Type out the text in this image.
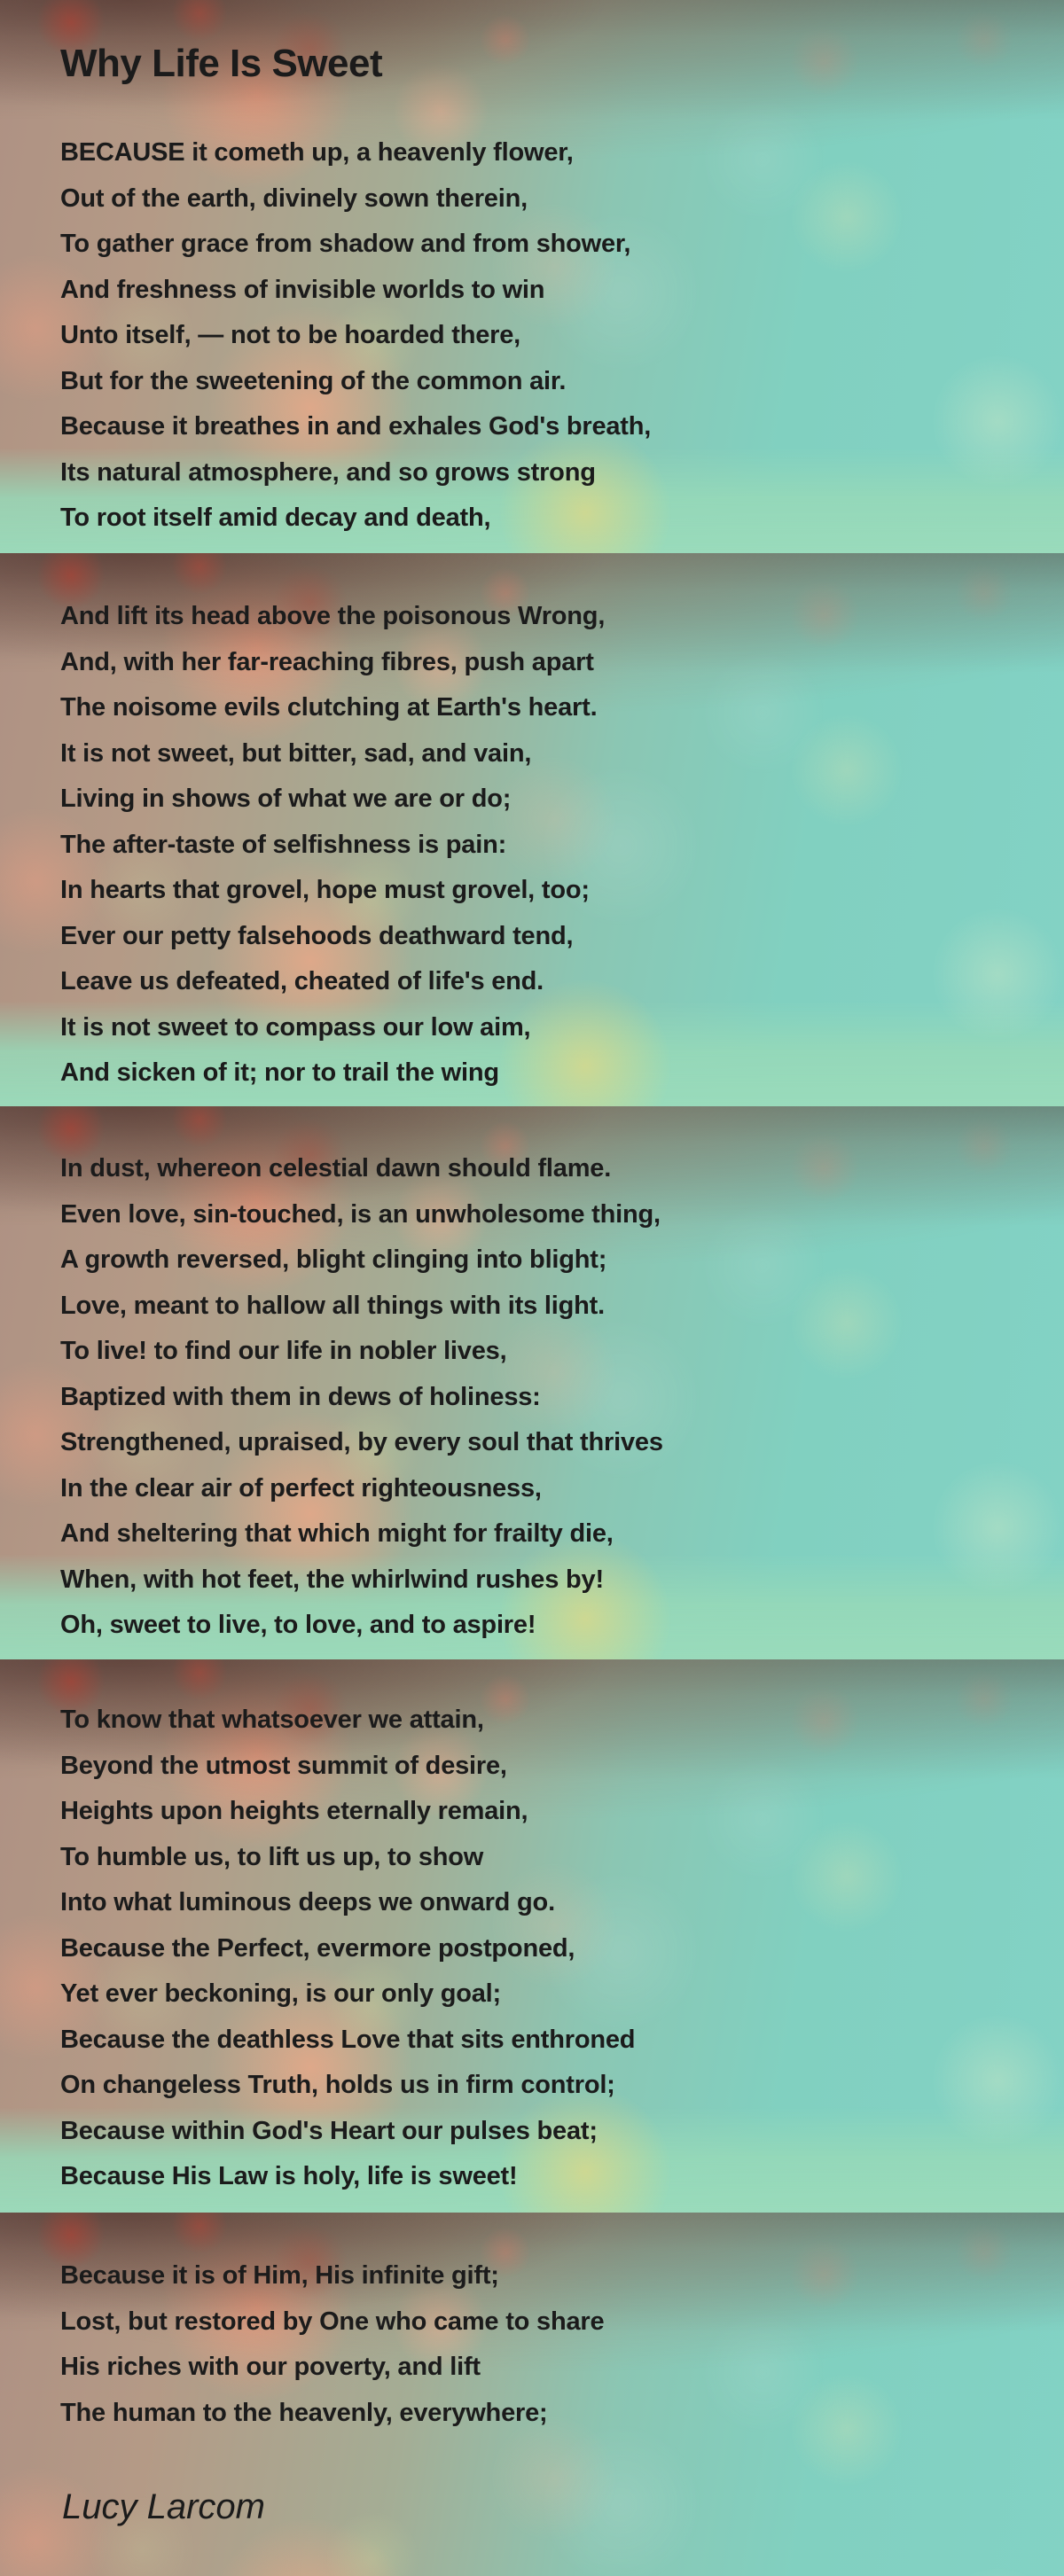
Why Life Is Sweet
BECAUSE it cometh up, a heavenly flower,
Out of the earth, divinely sown therein,
To gather grace from shadow and from shower,
And freshness of invisible worlds to win
Unto itself, — not to be hoarded there,
But for the sweetening of the common air.
Because it breathes in and exhales God's breath,
Its natural atmosphere, and so grows strong
To root itself amid decay and death,
And lift its head above the poisonous Wrong,
And, with her far-reaching fibres, push apart
The noisome evils clutching at Earth's heart.
It is not sweet, but bitter, sad, and vain,
Living in shows of what we are or do;
The after-taste of selfishness is pain:
In hearts that grovel, hope must grovel, too;
Ever our petty falsehoods deathward tend,
Leave us defeated, cheated of life's end.
It is not sweet to compass our low aim,
And sicken of it; nor to trail the wing
In dust, whereon celestial dawn should flame.
Even love, sin-touched, is an unwholesome thing,
A growth reversed, blight clinging into blight;
Love, meant to hallow all things with its light.
To live! to find our life in nobler lives,
Baptized with them in dews of holiness:
Strengthened, upraised, by every soul that thrives
In the clear air of perfect righteousness,
And sheltering that which might for frailty die,
When, with hot feet, the whirlwind rushes by!
Oh, sweet to live, to love, and to aspire!
To know that whatsoever we attain,
Beyond the utmost summit of desire,
Heights upon heights eternally remain,
To humble us, to lift us up, to show
Into what luminous deeps we onward go.
Because the Perfect, evermore postponed,
Yet ever beckoning, is our only goal;
Because the deathless Love that sits enthroned
On changeless Truth, holds us in firm control;
Because within God's Heart our pulses beat;
Because His Law is holy, life is sweet!
Because it is of Him, His infinite gift;
Lost, but restored by One who came to share
His riches with our poverty, and lift
The human to the heavenly, everywhere;
Lucy Larcom
